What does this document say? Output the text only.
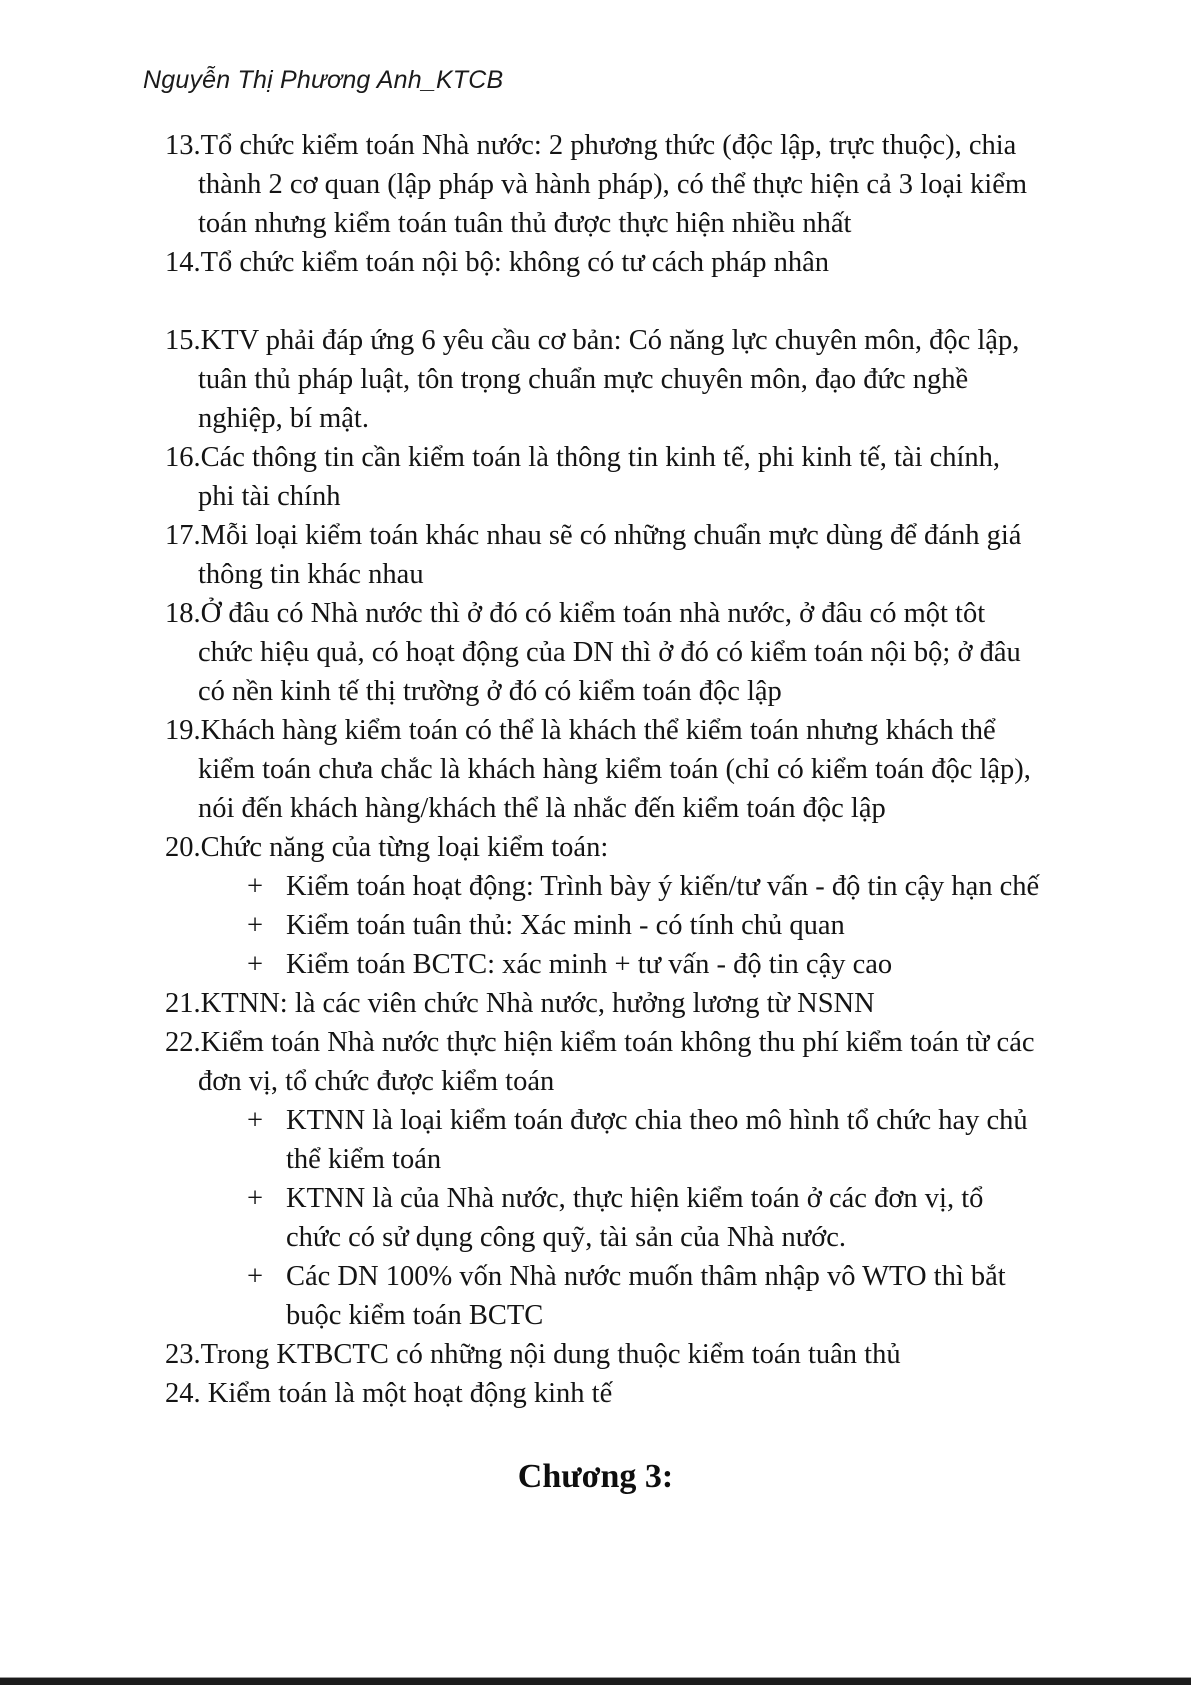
Nguyễn Thị Phương Anh_KTCB
13.Tổ chức kiểm toán Nhà nước: 2 phương thức (độc lập, trực thuộc), chia thành 2 cơ quan (lập pháp và hành pháp), có thể thực hiện cả 3 loại kiểm toán nhưng kiểm toán tuân thủ được thực hiện nhiều nhất
14.Tổ chức kiểm toán nội bộ: không có tư cách pháp nhân
15.KTV phải đáp ứng 6 yêu cầu cơ bản: Có năng lực chuyên môn, độc lập, tuân thủ pháp luật, tôn trọng chuẩn mực chuyên môn, đạo đức nghề nghiệp, bí mật.
16.Các thông tin cần kiểm toán là thông tin kinh tế, phi kinh tế, tài chính, phi tài chính
17.Mỗi loại kiểm toán khác nhau sẽ có những chuẩn mực dùng để đánh giá thông tin khác nhau
18.Ở đâu có Nhà nước thì ở đó có kiểm toán nhà nước, ở đâu có một tôt chức hiệu quả, có hoạt động của DN thì ở đó có kiểm toán nội bộ; ở đâu có nền kinh tế thị trường ở đó có kiểm toán độc lập
19.Khách hàng kiểm toán có thể là khách thể kiểm toán nhưng khách thể kiểm toán chưa chắc là khách hàng kiểm toán (chỉ có kiểm toán độc lập), nói đến khách hàng/khách thể là nhắc đến kiểm toán độc lập
20.Chức năng của từng loại kiểm toán:
+ Kiểm toán hoạt động: Trình bày ý kiến/tư vấn - độ tin cậy hạn chế
+ Kiểm toán tuân thủ: Xác minh - có tính chủ quan
+ Kiểm toán BCTC: xác minh + tư vấn - độ tin cậy cao
21.KTNN: là các viên chức Nhà nước, hưởng lương từ NSNN
22.Kiểm toán Nhà nước thực hiện kiểm toán không thu phí kiểm toán từ các đơn vị, tổ chức được kiểm toán
+ KTNN là loại kiểm toán được chia theo mô hình tổ chức hay chủ thể kiểm toán
+ KTNN là của Nhà nước, thực hiện kiểm toán ở các đơn vị, tổ chức có sử dụng công quỹ, tài sản của Nhà nước.
+ Các DN 100% vốn Nhà nước muốn thâm nhập vô WTO thì bắt buộc kiểm toán BCTC
23.Trong KTBCTC có những nội dung thuộc kiểm toán tuân thủ
24. Kiểm toán là một hoạt động kinh tế
Chương 3:
